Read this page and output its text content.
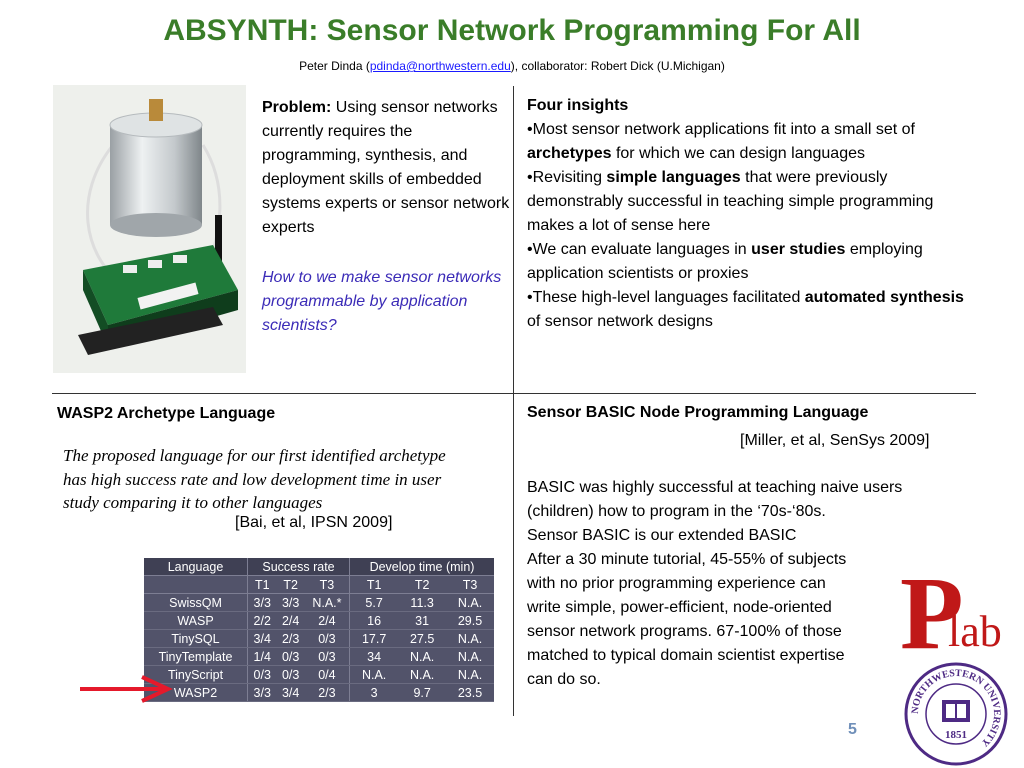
ABSYNTH: Sensor Network Programming For All
Peter Dinda (pdinda@northwestern.edu), collaborator: Robert Dick (U.Michigan)
Problem: Using sensor networks currently requires the programming, synthesis, and deployment skills of embedded systems experts or sensor network experts
How to we make sensor networks programmable by application scientists?
Four insights
•Most sensor network applications fit into a small set of archetypes for which we can design languages
•Revisiting simple languages that were previously demonstrably successful in teaching simple programming makes a lot of sense here
•We can evaluate languages in user studies employing application scientists or proxies
•These high-level languages facilitated automated synthesis of sensor network designs
WASP2 Archetype Language
The proposed language for our first identified archetype has high success rate and low development time in user study comparing it to other languages
[Bai, et al, IPSN 2009]
Language	Success rate			Develop time (min)		
	T1	T2	T3	T1	T2	T3
SwissQM	3/3	3/3	N.A.*	5.7	11.3	N.A.
WASP	2/2	2/4	2/4	16	31	29.5
TinySQL	3/4	2/3	0/3	17.7	27.5	N.A.
TinyTemplate	1/4	0/3	0/3	34	N.A.	N.A.
TinyScript	0/3	0/3	0/4	N.A.	N.A.	N.A.
WASP2	3/3	3/4	2/3	3	9.7	23.5
Sensor BASIC Node Programming Language
[Miller, et al, SenSys 2009]
BASIC was highly successful at teaching naive users (children) how to program in the ‘70s-‘80s.
Sensor BASIC is our extended BASIC
After a 30 minute tutorial, 45-55% of subjects with no prior programming experience can write simple, power-efficient, node-oriented sensor network programs. 67-100% of those matched to typical domain scientist expertise can do so.
P
lab
NORTHWESTERN UNIVERSITY
1851
5
